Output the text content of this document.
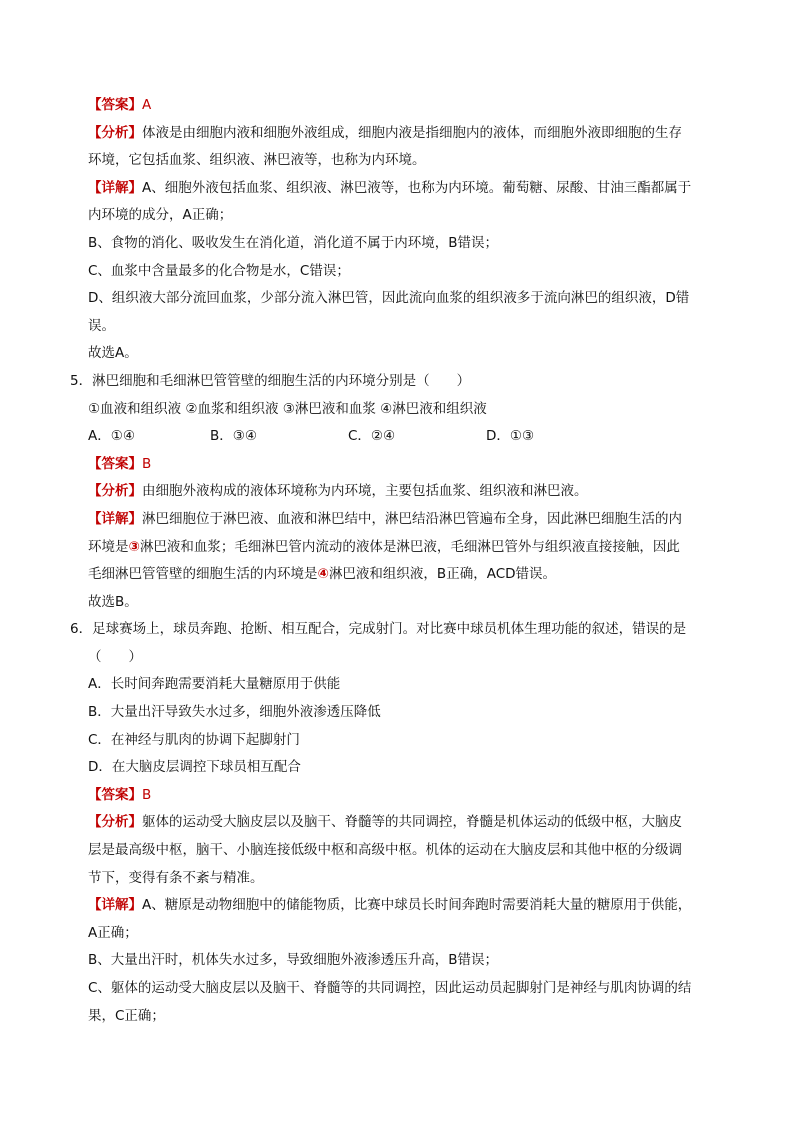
【答案】A
【分析】体液是由细胞内液和细胞外液组成，细胞内液是指细胞内的液体，而细胞外液即细胞的生存
环境，它包括血浆、组织液、淋巴液等，也称为内环境。
【详解】A、细胞外液包括血浆、组织液、淋巴液等，也称为内环境。葡萄糖、尿酸、甘油三酯都属于
内环境的成分，A正确；
B、食物的消化、吸收发生在消化道，消化道不属于内环境，B错误；
C、血浆中含量最多的化合物是水，C错误；
D、组织液大部分流回血浆，少部分流入淋巴管，因此流向血浆的组织液多于流向淋巴的组织液，D错
误。
故选A。
5．淋巴细胞和毛细淋巴管管壁的细胞生活的内环境分别是（　　）
①血液和组织液 ②血浆和组织液 ③淋巴液和血浆 ④淋巴液和组织液
A．①④	B．③④	C．②④	D．①③
【答案】B
【分析】由细胞外液构成的液体环境称为内环境，主要包括血浆、组织液和淋巴液。
【详解】淋巴细胞位于淋巴液、血液和淋巴结中，淋巴结沿淋巴管遍布全身，因此淋巴细胞生活的内
环境是③淋巴液和血浆；毛细淋巴管内流动的液体是淋巴液，毛细淋巴管外与组织液直接接触，因此
毛细淋巴管管壁的细胞生活的内环境是④淋巴液和组织液，B正确，ACD错误。
故选B。
6．足球赛场上，球员奔跑、抢断、相互配合，完成射门。对比赛中球员机体生理功能的叙述，错误的是
（　　）
A．长时间奔跑需要消耗大量糖原用于供能
B．大量出汗导致失水过多，细胞外液渗透压降低
C．在神经与肌肉的协调下起脚射门
D．在大脑皮层调控下球员相互配合
【答案】B
【分析】躯体的运动受大脑皮层以及脑干、脊髓等的共同调控，脊髓是机体运动的低级中枢，大脑皮
层是最高级中枢，脑干、小脑连接低级中枢和高级中枢。机体的运动在大脑皮层和其他中枢的分级调
节下，变得有条不紊与精准。
【详解】A、糖原是动物细胞中的储能物质，比赛中球员长时间奔跑时需要消耗大量的糖原用于供能，
A正确；
B、大量出汗时，机体失水过多，导致细胞外液渗透压升高，B错误；
C、躯体的运动受大脑皮层以及脑干、脊髓等的共同调控，因此运动员起脚射门是神经与肌肉协调的结
果，C正确；
